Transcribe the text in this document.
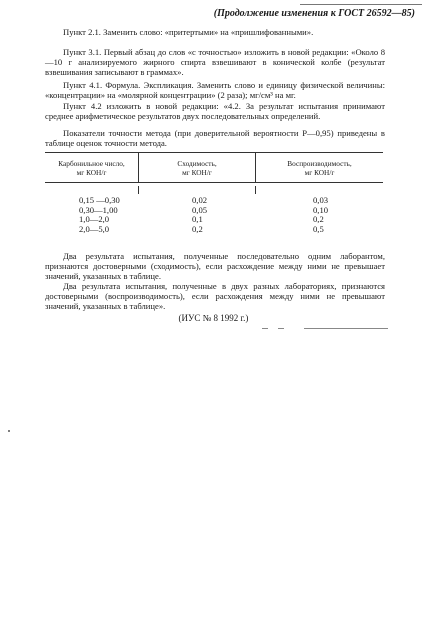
(Продолжение изменения к ГОСТ 26592—85)
Пункт 2.1. Заменить слово: «притертыми» на «пришлифованными».
Пункт 3.1. Первый абзац до слов «с точностью» изложить в новой редакции: «Около 8—10 г анализируемого жирного спирта взвешивают в конической колбе (результат взвешивания записывают в граммах».
Пункт 4.1. Формула. Экспликация. Заменить слово и единицу физической величины: «концентрации» на «молярной концентрации» (2 раза); мг/см³ на мг.
Пункт 4.2 изложить в новой редакции: «4.2. За результат испытания принимают среднее арифметическое результатов двух последовательных определений.
Показатели точности метода (при доверительной вероятности P—0,95) приведены в таблице оценок точности метода.
Карбонильное число,
мг КОН/г
Сходимость,
мг КОН/г
Воспроизводимость,
мг КОН/г
0,15 —0,30
0,30—1,00
1,0—2,0
2,0—5,0
0,02
0,05
0,1
0,2
0,03
0,10
0,2
0,5
Два результата испытания, полученные последовательно одним лаборантом, признаются достоверными (сходимость), если расхождение между ними не превышает значений, указанных в таблице.
Два результата испытания, полученные в двух разных лабораториях, признаются достоверными (воспроизводимость), если расхождения между ними не превышают значений, указанных в таблице».
(ИУС № 8 1992 г.)
